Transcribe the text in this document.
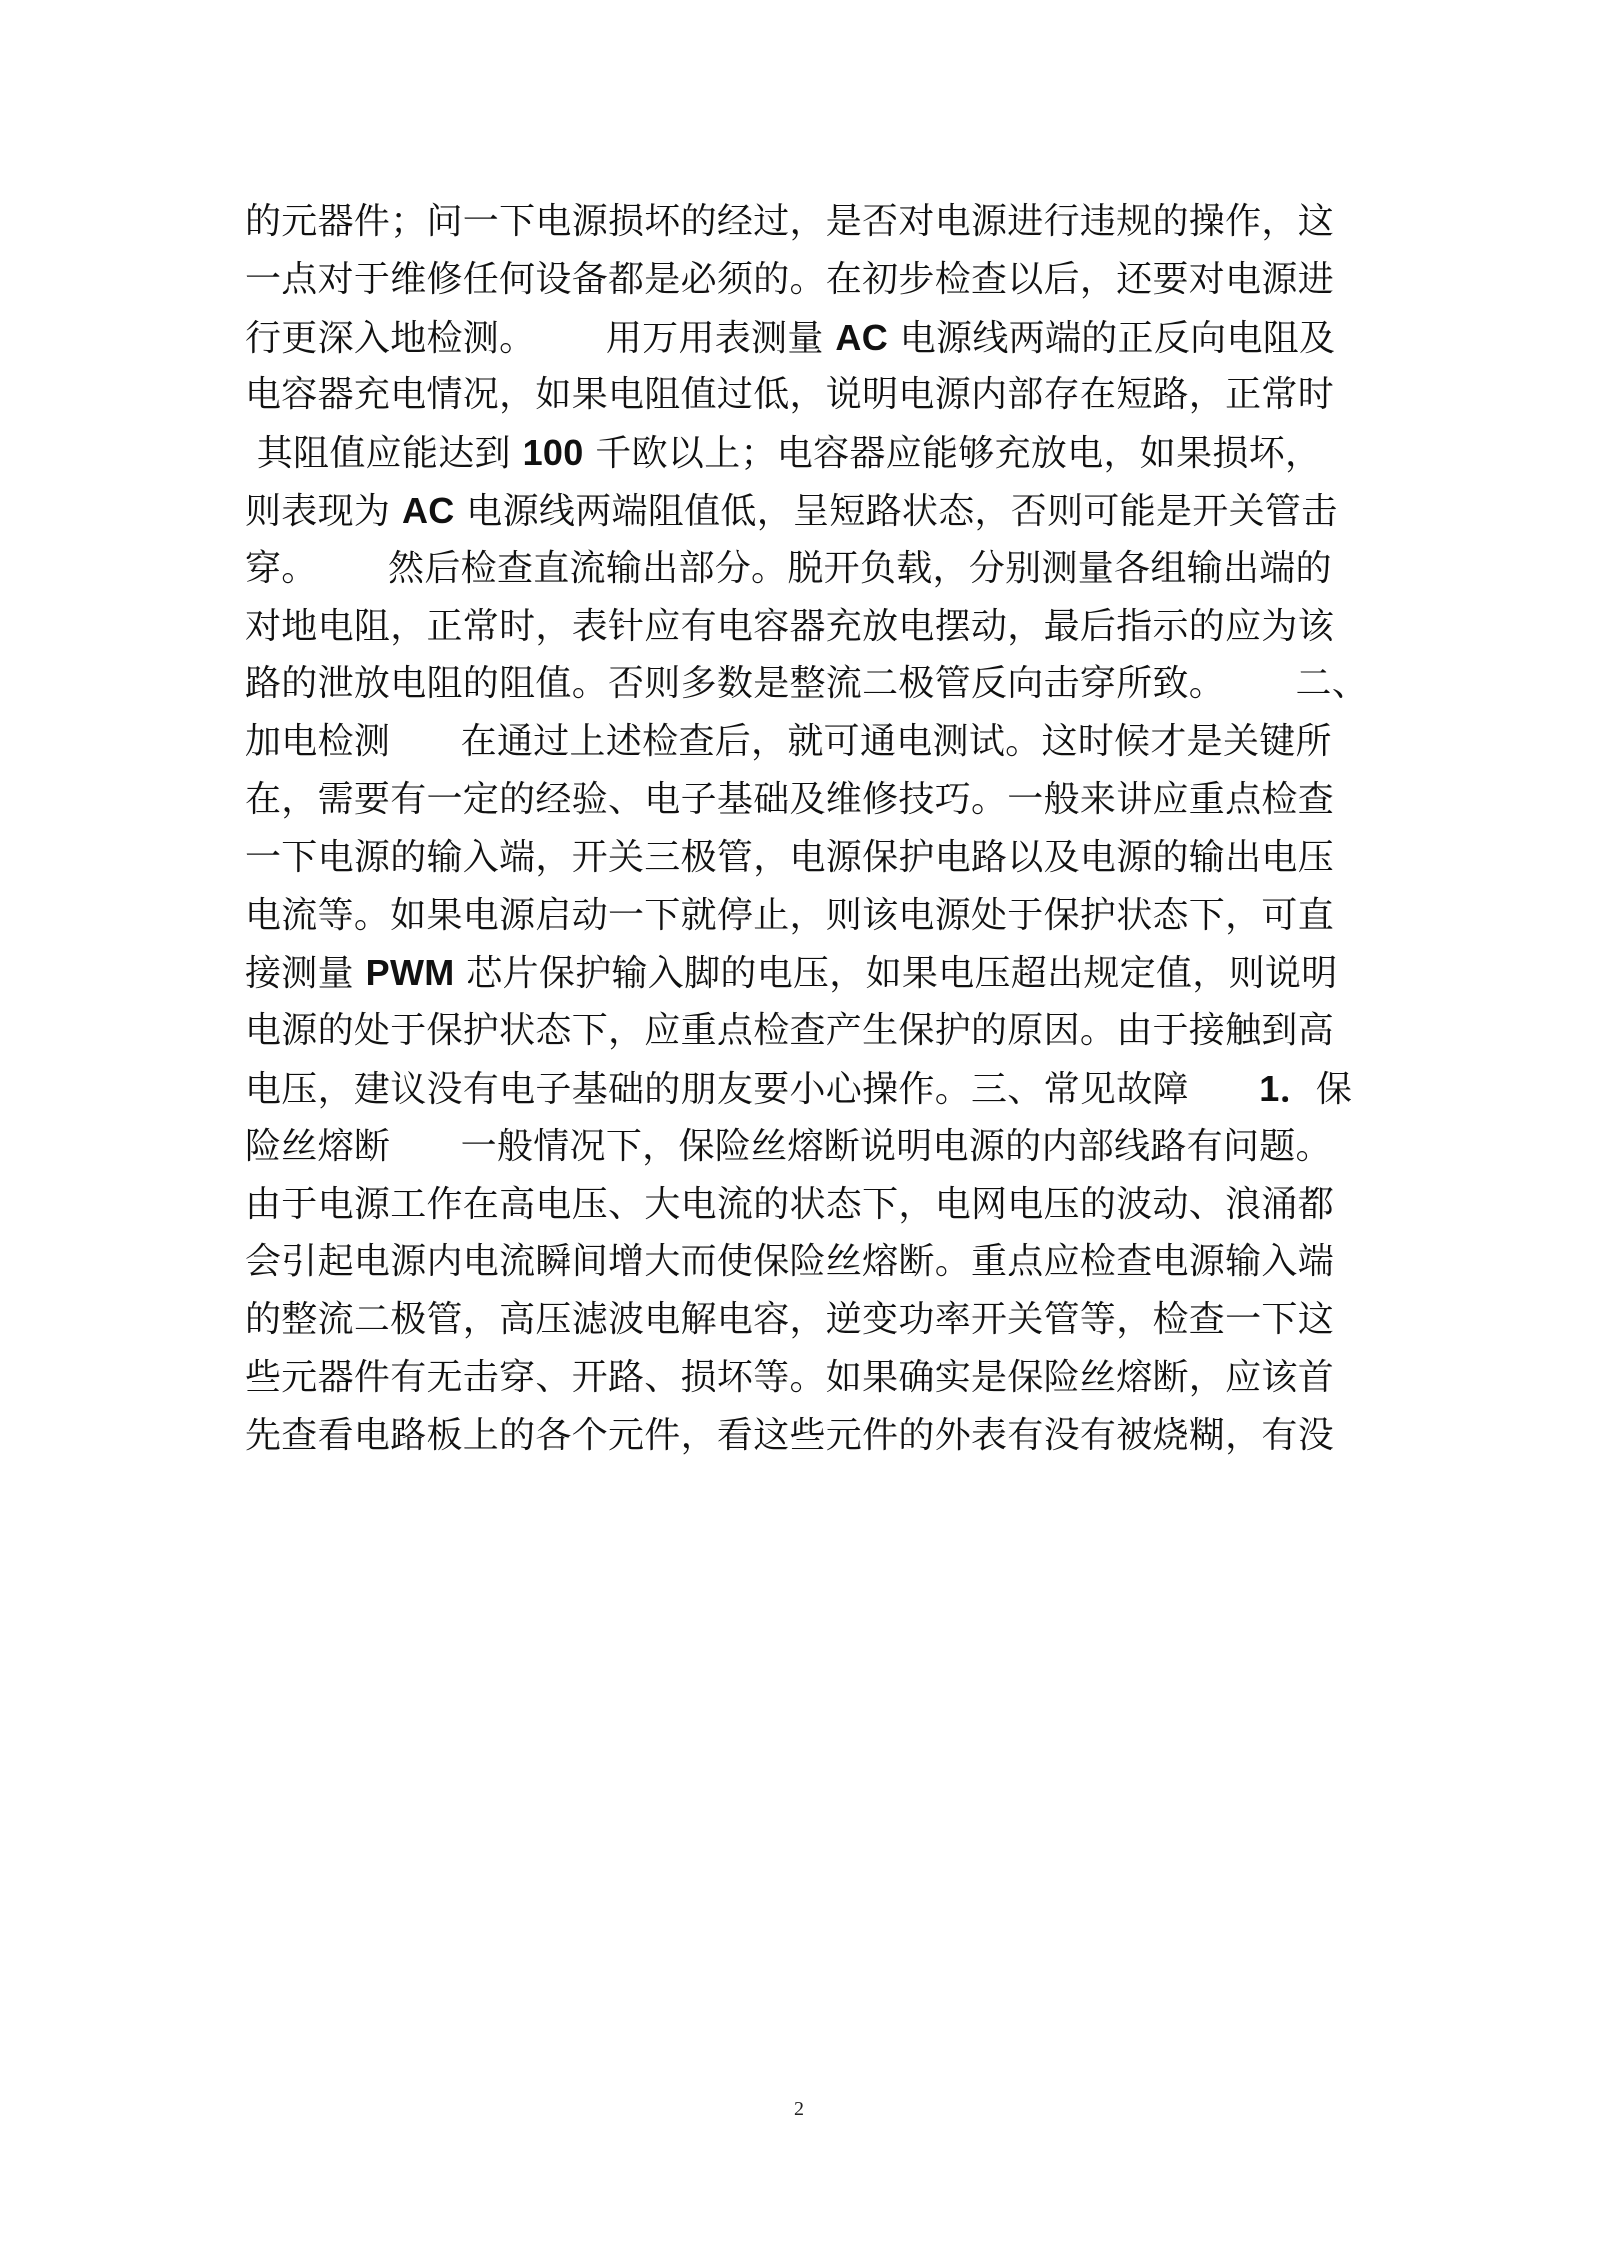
的元器件；问一下电源损坏的经过，是否对电源进行违规的操作，这
一点对于维修任何设备都是必须的。在初步检查以后，还要对电源进
行更深入地检测。      用万用表测量 AC 电源线两端的正反向电阻及
电容器充电情况，如果电阻值过低，说明电源内部存在短路，正常时
其阻值应能达到 100 千欧以上；电容器应能够充放电，如果损坏，
则表现为 AC 电源线两端阻值低，呈短路状态，否则可能是开关管击
穿。      然后检查直流输出部分。脱开负载，分别测量各组输出端的
对地电阻，正常时，表针应有电容器充放电摆动，最后指示的应为该
路的泄放电阻的阻值。否则多数是整流二极管反向击穿所致。      二、
加电检测      在通过上述检查后，就可通电测试。这时候才是关键所
在，需要有一定的经验、电子基础及维修技巧。一般来讲应重点检查
一下电源的输入端，开关三极管，电源保护电路以及电源的输出电压
电流等。如果电源启动一下就停止，则该电源处于保护状态下，可直
接测量 PWM 芯片保护输入脚的电压，如果电压超出规定值，则说明
电源的处于保护状态下，应重点检查产生保护的原因。由于接触到高
电压，建议没有电子基础的朋友要小心操作。三、常见故障      1．保
险丝熔断      一般情况下，保险丝熔断说明电源的内部线路有问题。
由于电源工作在高电压、大电流的状态下，电网电压的波动、浪涌都
会引起电源内电流瞬间增大而使保险丝熔断。重点应检查电源输入端
的整流二极管，高压滤波电解电容，逆变功率开关管等，检查一下这
些元器件有无击穿、开路、损坏等。如果确实是保险丝熔断，应该首
先查看电路板上的各个元件，看这些元件的外表有没有被烧糊，有没
2
